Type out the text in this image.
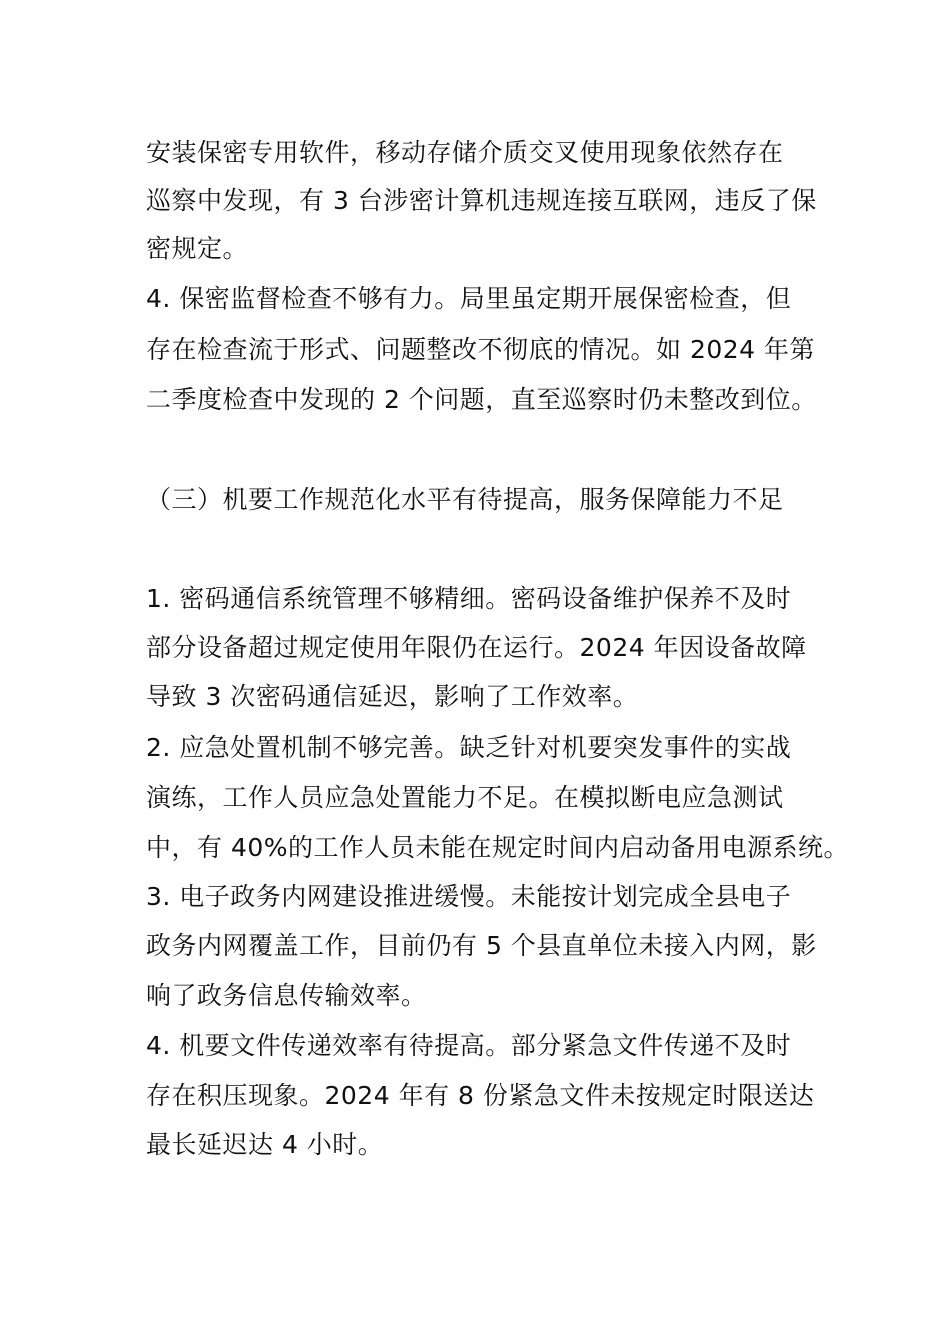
安装保密专用软件，移动存储介质交叉使用现象依然存在
巡察中发现，有 3 台涉密计算机违规连接互联网，违反了保
密规定。
4. 保密监督检查不够有力。局里虽定期开展保密检查，但
存在检查流于形式、问题整改不彻底的情况。如 2024 年第
二季度检查中发现的 2 个问题，直至巡察时仍未整改到位。
（三）机要工作规范化水平有待提高，服务保障能力不足
1. 密码通信系统管理不够精细。密码设备维护保养不及时
部分设备超过规定使用年限仍在运行。2024 年因设备故障
导致 3 次密码通信延迟，影响了工作效率。
2. 应急处置机制不够完善。缺乏针对机要突发事件的实战
演练，工作人员应急处置能力不足。在模拟断电应急测试
中，有 40%的工作人员未能在规定时间内启动备用电源系统。
3. 电子政务内网建设推进缓慢。未能按计划完成全县电子
政务内网覆盖工作，目前仍有 5 个县直单位未接入内网，影
响了政务信息传输效率。
4. 机要文件传递效率有待提高。部分紧急文件传递不及时
存在积压现象。2024 年有 8 份紧急文件未按规定时限送达
最长延迟达 4 小时。
